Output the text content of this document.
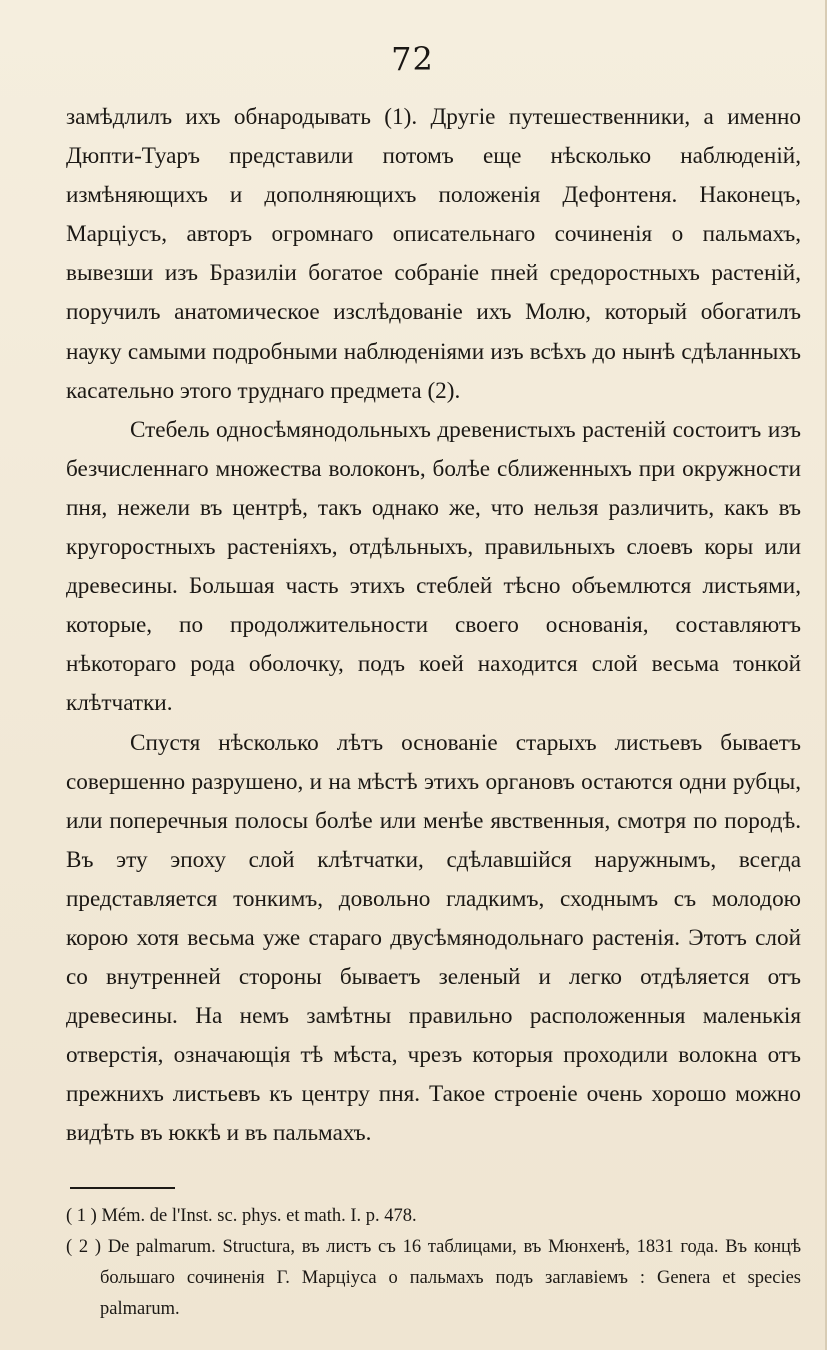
72

замѣдлилъ ихъ обнародывать (1). Другіе путешественники, а именно Дюпти-Туаръ представили потомъ еще нѣсколько наблюденій, измѣняющихъ и дополняющихъ положенія Дефонтеня. Наконецъ, Марціусъ, авторъ огромнаго описательнаго сочиненія о пальмахъ, вывезши изъ Бразиліи богатое собраніе пней средоростныхъ растеній, поручилъ анатомическое изслѣдованіе ихъ Молю, который обогатилъ науку самыми подробными наблюденіями изъ всѣхъ до нынѣ сдѣланныхъ касательно этого труднаго предмета (2).

Стебель односѣмянодольныхъ древенистыхъ растеній состоитъ изъ безчисленнаго множества волоконъ, болѣе сближенныхъ при окружности пня, нежели въ центрѣ, такъ однако же, что нельзя различить, какъ въ кругоростныхъ растеніяхъ, отдѣльныхъ, правильныхъ слоевъ коры или древесины. Большая часть этихъ стеблей тѣсно объемлются листьями, которые, по продолжительности своего основанія, составляютъ нѣкотораго рода оболочку, подъ коей находится слой весьма тонкой клѣтчатки.

Спустя нѣсколько лѣтъ основаніе старыхъ листьевъ бываетъ совершенно разрушено, и на мѣстѣ этихъ органовъ остаются одни рубцы, или поперечныя полосы болѣе или менѣе явственныя, смотря по породѣ. Въ эту эпоху слой клѣтчатки, сдѣлавшійся наружнымъ, всегда представляется тонкимъ, довольно гладкимъ, сходнымъ съ молодою корою хотя весьма уже стараго двусѣмянодольнаго растенія. Этотъ слой со внутренней стороны бываетъ зеленый и легко отдѣляется отъ древесины. На немъ замѣтны правильно расположенныя маленькія отверстія, означающія тѣ мѣста, чрезъ которыя проходили волокна отъ прежнихъ листьевъ къ центру пня. Такое строеніе очень хорошо можно видѣть въ юккѣ и въ пальмахъ.

( 1 ) Mém. de l'Inst. sc. phys. et math. I. p. 478.

( 2 ) De palmarum. Structura, въ листъ съ 16 таблицами, въ Мюнхенѣ, 1831 года. Въ концѣ большаго сочиненія Г. Марціуса о пальмахъ подъ заглавіемъ : Genera et species palmarum.
